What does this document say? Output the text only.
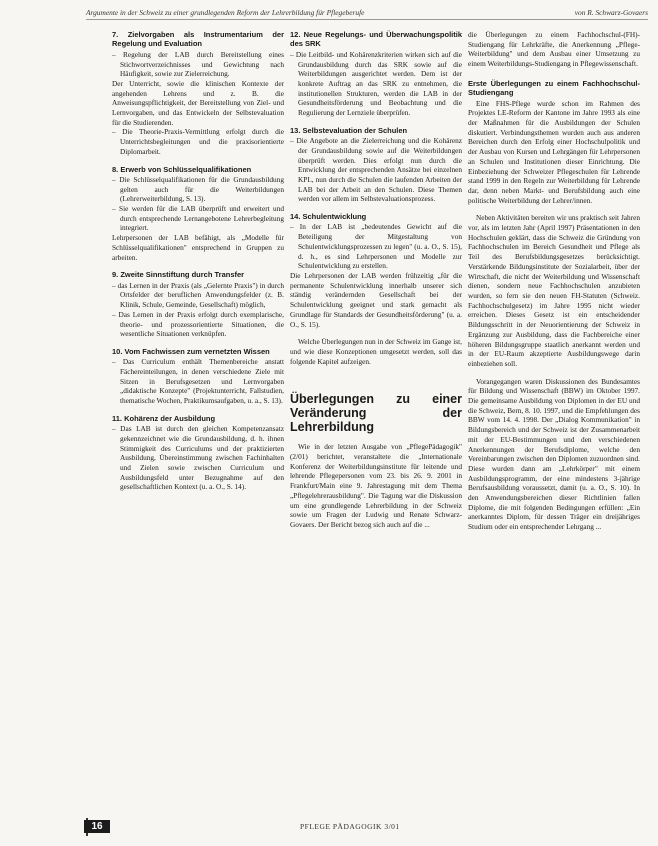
Argumente in der Schweiz zu einer grundlegenden Reform der Lehrerbildung für Pflegeberufe	von R. Schwarz-Govaers
7. Zielvorgaben als Instrumentarium der Regelung und Evaluation

– Regelung der LAB durch Bereitstellung eines Stichwortverzeichnisses und Gewichtung nach Häufigkeit, sowie zur Zielerreichung.

Der Unterricht, sowie die klinischen Kontexte der angehenden Lehrens und z. B. die Anweisungspflichtigkeit, der Bereitstellung von Ziel- und Lernvorgaben, und das Entwickeln der Selbstevaluation für die Studierenden.

– Die Theorie-Praxis-Vermittlung erfolgt durch die Unterrichtsbegleitungen und die praxisorientierte Diplomarbeit.

8. Erwerb von Schlüsselqualifikationen

– Die Schlüsselqualifikationen für die Grundausbildung gelten auch für die Weiterbildungen (Lehrerweiterbildung, S. 13).

– Sie werden für die LAB überprüft und erweitert und durch entsprechende Lernangebotene Lehrerbegleitung integriert.

Lehrpersonen der LAB befähigt, als „Modelle für Schlüsselqualifikationen" entsprechend in Gruppen zu arbeiten.

9. Zweite Sinnstiftung durch Transfer

– das Lernen in der Praxis (als „Gelernte Praxis") in durch Ortsfelder der beruflichen Anwendungsfelder (z. B. Klinik, Schule, Gemeinde, Gesellschaft) möglich,

– Das Lernen in der Praxis erfolgt durch exemplarische, theorie- und prozessorientierte Situationen, die wesentliche Situationen verknüpfen.

10. Vom Fachwissen zum vernetzten Wissen

– Das Curriculum enthält Themenbereiche anstatt Fächereinteilungen, in denen verschiedene Ziele mit Sitzen in Berufsgesetzen und Lernvorgaben „didaktische Konzepte" (Projektunterricht, Fallstudien, thematische Wochen, Praktikumsaufgaben, u. a., S. 13).

11. Kohärenz der Ausbildung

– Das LAB ist durch den gleichen Kompetenzansatz gekennzeichnet wie die Grundausbildung, d. h. ihnen Stimmigkeit des Curriculums und der praktizierten Ausbildung, Übereinstimmung zwischen Fachinhalten und Zielen sowie zwischen Curriculum und Ausbildungsfeld unter Bezugnahme auf den gesellschaftlichen Kontext (u. a. O., S. 14).

12. Neue Regelungs- und Überwachungspolitik des SRK

– Die Leitbild- und Kohärenzkriterien wirken sich auf die Grundausbildung durch das SRK sowie auf die Weiterbildungen ausgerichtet werden. Dem ist der konkrete Auftrag an das SRK zu entnehmen, die institutionellen Strukturen, werden die LAB in der Gesundheitsförderung und Beobachtung und die Regulierung der Lernziele überprüfen.

13. Selbstevaluation der Schulen

– Die Angebote an die Zielerreichung und die Kohärenz der Grundausbildung sowie auf die Weiterbildungen überprüft werden. Dies erfolgt nun durch die Entwicklung der entsprechenden Ansätze bei einzelnen KPL, nun durch die Schulen die laufenden Arbeiten der LAB bei der Arbeit an den Schulen. Diese Themen werden vor allem im Selbstevaluationsprozess.

14. Schulentwicklung

– In der LAB ist „bedeutendes Gewicht auf die Beteiligung der Mitgestaltung von Schulentwicklungsprozessen zu legen" (u. a. O., S. 15), d. h., es sind Lehrpersonen und Modelle zur Schulentwicklung zu erstellen.

Die Lehrpersonen der LAB werden frühzeitig „für die permanente Schulentwicklung innerhalb unserer sich ständig verändernden Gesellschaft bei der Schulentwicklung geeignet und stark gemacht als Grundlage für Standards der Gesundheitsförderung" (u. a. O., S. 15).

Welche Überlegungen nun in der Schweiz im Gange ist, und wie diese Konzeptionen umgesetzt werden, soll das folgende Kapitel aufzeigen.

Überlegungen zu einer Veränderung der Lehrerbildung

Wie in der letzten Ausgabe von „PflegePädagogik" (2/01) berichtet, veranstaltete die „Internationale Konferenz der Weiterbildungsinstitute für leitende und lehrende Pflegepersonen vom 23. bis 26. 9. 2001 in Frankfurt/Main eine 9. Jahrestagung mit dem Thema „Pflegelehrerausbildung". Die Tagung war die Diskussion um eine grundlegende Lehrerbildung in der Schweiz sowie um Fragen der Ludwig und Renate Schwarz-Govaers. Der Bericht bezog sich auch auf die ...

die Überlegungen zu einem Fachhochschul-(FH)-Studiengang für Lehrkräfte, die Anerkennung „Pflege-Weiterbildung" und dem Ausbau einer Umsetzung zu einem Weiterbildungs-Studiengang in Pflegewissenschaft.

Erste Überlegungen zu einem Fachhochschul-Studiengang

Eine FHS-Pflege wurde schon im Rahmen des Projektes LE-Reform der Kantone im Jahre 1993 als eine der Maßnahmen für die Ausbildungen der Schulen diskutiert. Verbindungsthemen wurden auch aus anderen Bereichen durch den Erfolg einer Hochschulpolitik und der Ausbau von Kursen und Lehrgängen für Lehrpersonen an Schulen und Institutionen dieser Einrichtung. Die Einbeziehung der Schweizer Pflegeschulen für Lehrende stand 1999 in den Regeln zur Weiterbildung für Lehrende dar, denn neben Markt- und Berufsbildung auch eine politische Weiterbildung der Lehrer/innen.

Neben Aktivitäten bereiten wir uns praktisch seit Jahren vor, als im letzten Jahr (April 1997) Präsentationen in den Hochschulen geklärt, dass die Schweiz die Gründung von Fachhochschulen im Bereich Gesundheit und Pflege als Teil des Berufsbildungsgesetzes berücksichtigt. Verstärkende Bildungsinstitute der Sozialarbeit, über der Wirtschaft, die nicht der Weiterbildung und Wissenschaft dienen, sondern neue Fachhochschulen anzubieten wurden, so fern sie den neuen FH-Statuten (Schweiz. Fachhochschulgesetz) im Jahre 1995 nicht wieder erreichen. Dieses Gesetz ist ein entscheidender Bildungsschritt in der Neuorientierung der Schweiz in Ergänzung zur Ausbildung, dass die Fachbereiche einer höheren Bildungsgruppe staatlich anerkannt werden und in der EU-Raum akzeptierte Ausbildungswege darin einbeziehen soll.

Vorangegangen waren Diskussionen des Bundesamtes für Bildung und Wissenschaft (BBW) im Oktober 1997. Die gemeinsame Ausbildung von Diplomen in der EU und die Schweiz, Bern, 8. 10. 1997, und die Empfehlungen des BBW vom 14. 4. 1998. Der „Dialog Kommunikation" in Bildungsbereich und der Schweiz ist der Zusammenarbeit mit der EU-Bestimmungen und den verschiedenen Anerkennungen der Berufsdiplome, welche den Vereinbarungen zwischen den Diplomen zuzuordnen sind. Diese wurden dann am „Lehrkörper" mit einem Ausbildungsprogramm, der eine mindestens 3-jährige Berufsausbildung voraussetzt, damit (u. a. O., S. 10). In den Anwendungsbereichen dieser Richtlinien fallen Diplome, die mit folgenden Bedingungen erfüllen: „Ein anerkanntes Diplom, für dessen Träger ein dreijähriges Studium oder ein entsprechender Lehrgang ...

16	PFLEGE PÄDAGOGIK 3/01
